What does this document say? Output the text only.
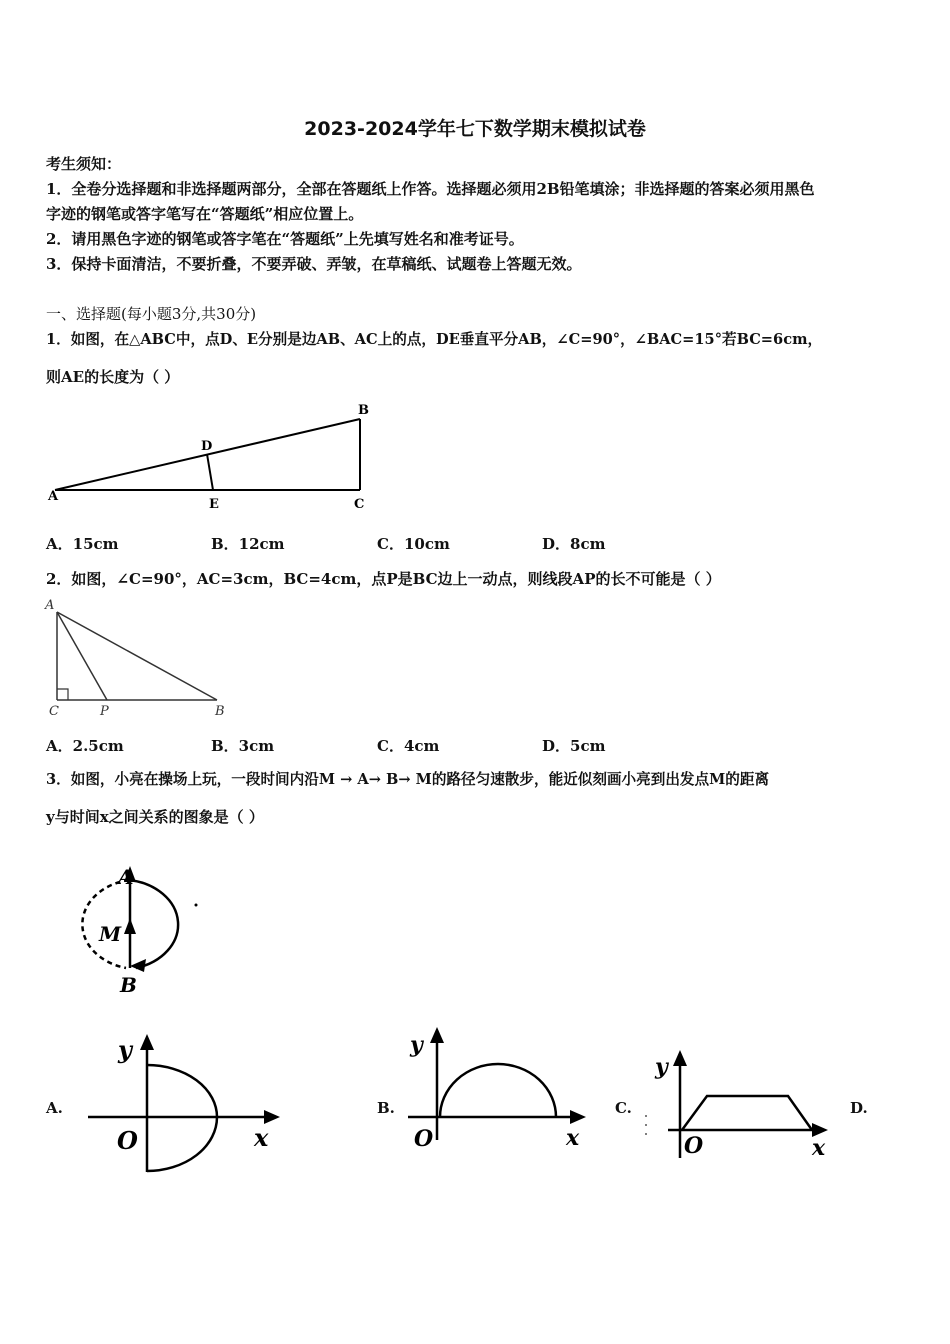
2023-2024学年七下数学期末模拟试卷
考生须知：
1．全卷分选择题和非选择题两部分，全部在答题纸上作答。选择题必须用2B铅笔填涂；非选择题的答案必须用黑色
字迹的钢笔或答字笔写在“答题纸”相应位置上。
2．请用黑色字迹的钢笔或答字笔在“答题纸”上先填写姓名和准考证号。
3．保持卡面清洁，不要折叠，不要弄破、弄皱，在草稿纸、试题卷上答题无效。
一、选择题(每小题3分,共30分)
1．如图，在△ABC中，点D、E分别是边AB、AC上的点，DE垂直平分AB，∠C=90°，∠BAC=15°若BC=6cm，
则AE的长度为（ ）
A
B
C
D
E
A．15cm	B．12cm	C．10cm	D．8cm
2．如图，∠C=90°，AC=3cm，BC=4cm，点P是BC边上一动点，则线段AP的长不可能是（ ）
A
C	P	B
A．2.5cm	B．3cm	C．4cm	D．5cm
3．如图，小亮在操场上玩，一段时间内沿M → A→ B→ M的路径匀速散步，能近似刻画小亮到出发点M的距离
y与时间x之间关系的图象是（ ）
A
M
B
A.	B.	C.	D.
y
O	x
y
O	x
y
O	x
